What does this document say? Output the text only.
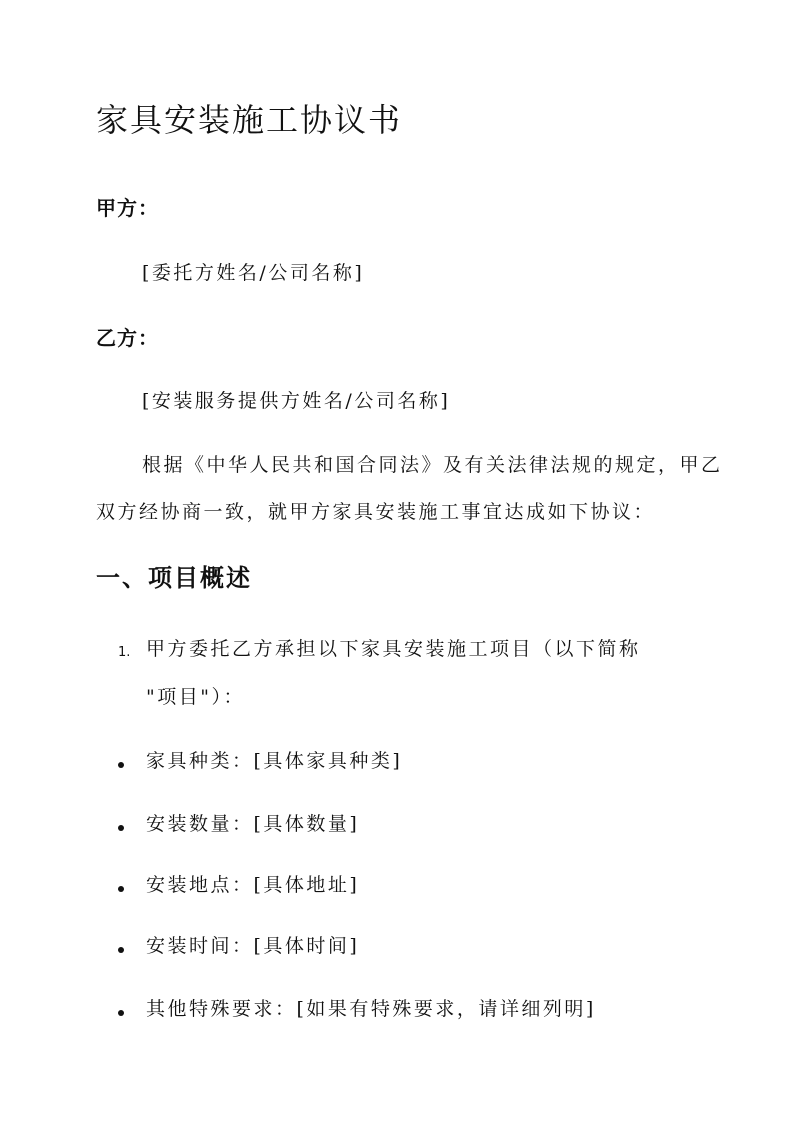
家具安装施工协议书
甲方：
[委托方姓名/公司名称]
乙方：
[安装服务提供方姓名/公司名称]
根据《中华人民共和国合同法》及有关法律法规的规定，甲乙
双方经协商一致，就甲方家具安装施工事宜达成如下协议：
一、项目概述
1. 甲方委托乙方承担以下家具安装施工项目（以下简称
"项目"）：
家具种类：[具体家具种类]
安装数量：[具体数量]
安装地点：[具体地址]
安装时间：[具体时间]
其他特殊要求：[如果有特殊要求，请详细列明]
